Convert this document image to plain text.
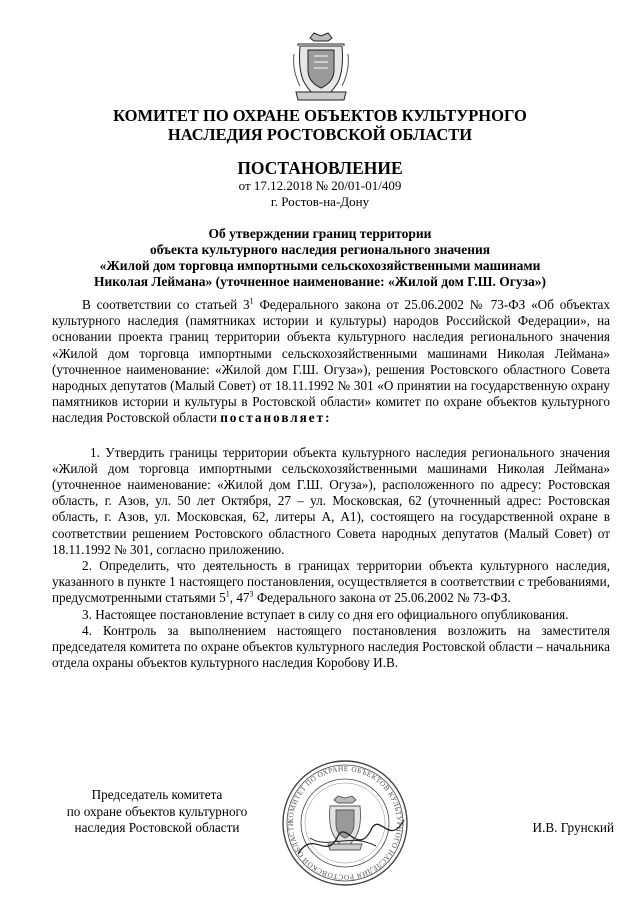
КОМИТЕТ ПО ОХРАНЕ ОБЪЕКТОВ КУЛЬТУРНОГО
НАСЛЕДИЯ РОСТОВСКОЙ ОБЛАСТИ
ПОСТАНОВЛЕНИЕ
от 17.12.2018 № 20/01-01/409
г. Ростов-на-Дону
Об утверждении границ территории
объекта культурного наследия регионального значения
«Жилой дом торговца импортными сельскохозяйственными машинами
Николая Леймана» (уточненное наименование: «Жилой дом Г.Ш. Огуза»)

В соответствии со статьей $3^1$ Федерального закона от 25.06.2002 № 73-ФЗ «Об объектах культурного наследия (памятниках истории и культуры) народов Российской Федерации», на основании проекта границ территории объекта культурного наследия регионального значения «Жилой дом торговца импортными сельскохозяйственными машинами Николая Леймана» (уточненное наименование: «Жилой дом Г.Ш. Огуза»), решения Ростовского областного Совета народных депутатов (Малый Совет) от 18.11.1992 № 301 «О принятии на государственную охрану памятников истории и культуры в Ростовской области» комитет по охране объектов культурного наследия Ростовской области постановляет:

1. Утвердить границы территории объекта культурного наследия регионального значения «Жилой дом торговца импортными сельскохозяйственными машинами Николая Леймана» (уточненное наименование: «Жилой дом Г.Ш. Огуза»), расположенного по адресу: Ростовская область, г. Азов, ул. 50 лет Октября, 27 – ул. Московская, 62 (уточненный адрес: Ростовская область, г. Азов, ул. Московская, 62, литеры А, А1), состоящего на государственной охране в соответствии решением Ростовского областного Совета народных депутатов (Малый Совет) от 18.11.1992 № 301, согласно приложению.

2. Определить, что деятельность в границах территории объекта культурного наследия, указанного в пункте 1 настоящего постановления, осуществляется в соответствии с требованиями, предусмотренными статьями $5^1$, $47^3$ Федерального закона от 25.06.2002 № 73-ФЗ.

3. Настоящее постановление вступает в силу со дня его официального опубликования.

4. Контроль за выполнением настоящего постановления возложить на заместителя председателя комитета по охране объектов культурного наследия Ростовской области – начальника отдела охраны объектов культурного наследия Коробову И.В.

Председатель комитета
по охране объектов культурного
наследия Ростовской области	КОМИТЕТ ПО ОХРАНЕ ОБЪЕКТОВ КУЛЬТУРНОГО НАСЛЕДИЯ РОСТОВСКОЙ ОБЛАСТИ	И.В. Грунский
